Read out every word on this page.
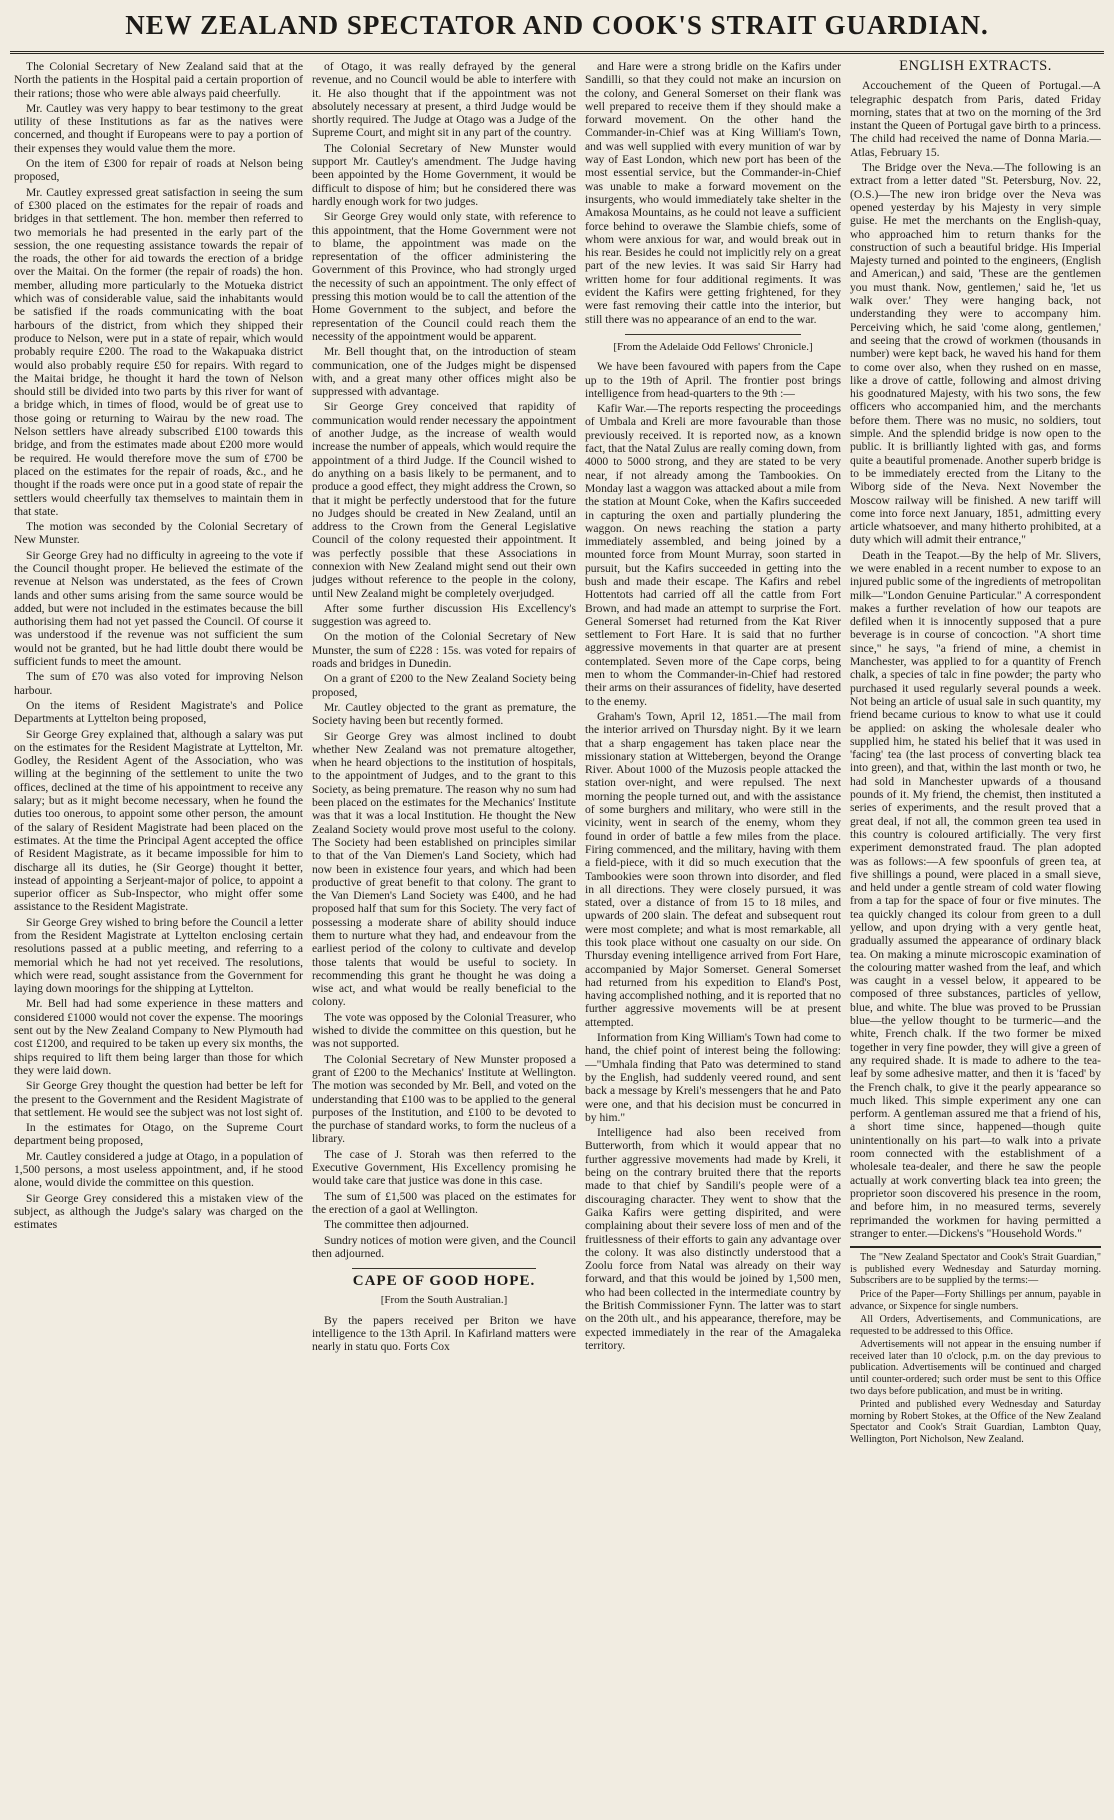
NEW ZEALAND SPECTATOR AND COOK'S STRAIT GUARDIAN.

The Colonial Secretary of New Zealand said that at the North the patients in the Hospital paid a certain proportion of their rations; those who were able always paid cheerfully.

Mr. Cautley was very happy to bear testimony to the great utility of these Institutions as far as the natives were concerned, and thought if Europeans were to pay a portion of their expenses they would value them the more.

On the item of £300 for repair of roads at Nelson being proposed,

Mr. Cautley expressed great satisfaction in seeing the sum of £300 placed on the estimates for the repair of roads and bridges in that settlement. The hon. member then referred to two memorials he had presented in the early part of the session, the one requesting assistance towards the repair of the roads, the other for aid towards the erection of a bridge over the Maitai. On the former (the repair of roads) the hon. member, alluding more particularly to the Motueka district which was of considerable value, said the inhabitants would be satisfied if the roads communicating with the boat harbours of the district, from which they shipped their produce to Nelson, were put in a state of repair, which would probably require £200. The road to the Wakapuaka district would also probably require £50 for repairs. With regard to the Maitai bridge, he thought it hard the town of Nelson should still be divided into two parts by this river for want of a bridge which, in times of flood, would be of great use to those going or returning to Wairau by the new road. The Nelson settlers have already subscribed £100 towards this bridge, and from the estimates made about £200 more would be required. He would therefore move the sum of £700 be placed on the estimates for the repair of roads, &c., and he thought if the roads were once put in a good state of repair the settlers would cheerfully tax themselves to maintain them in that state.

The motion was seconded by the Colonial Secretary of New Munster.

Sir George Grey had no difficulty in agreeing to the vote if the Council thought proper. He believed the estimate of the revenue at Nelson was understated, as the fees of Crown lands and other sums arising from the same source would be added, but were not included in the estimates because the bill authorising them had not yet passed the Council. Of course it was understood if the revenue was not sufficient the sum would not be granted, but he had little doubt there would be sufficient funds to meet the amount.

The sum of £70 was also voted for improving Nelson harbour.

On the items of Resident Magistrate's and Police Departments at Lyttelton being proposed,

Sir George Grey explained that, although a salary was put on the estimates for the Resident Magistrate at Lyttelton, Mr. Godley, the Resident Agent of the Association, who was willing at the beginning of the settlement to unite the two offices, declined at the time of his appointment to receive any salary; but as it might become necessary, when he found the duties too onerous, to appoint some other person, the amount of the salary of Resident Magistrate had been placed on the estimates. At the time the Principal Agent accepted the office of Resident Magistrate, as it became impossible for him to discharge all its duties, he (Sir George) thought it better, instead of appointing a Serjeant-major of police, to appoint a superior officer as Sub-Inspector, who might offer some assistance to the Resident Magistrate.

Sir George Grey wished to bring before the Council a letter from the Resident Magistrate at Lyttelton enclosing certain resolutions passed at a public meeting, and referring to a memorial which he had not yet received. The resolutions, which were read, sought assistance from the Government for laying down moorings for the shipping at Lyttelton.

Mr. Bell had had some experience in these matters and considered £1000 would not cover the expense. The moorings sent out by the New Zealand Company to New Plymouth had cost £1200, and required to be taken up every six months, the ships required to lift them being larger than those for which they were laid down.

Sir George Grey thought the question had better be left for the present to the Government and the Resident Magistrate of that settlement. He would see the subject was not lost sight of.

In the estimates for Otago, on the Supreme Court department being proposed,

Mr. Cautley considered a judge at Otago, in a population of 1,500 persons, a most useless appointment, and, if he stood alone, would divide the committee on this question.

Sir George Grey considered this a mistaken view of the subject, as although the Judge's salary was charged on the estimates

of Otago, it was really defrayed by the general revenue, and no Council would be able to interfere with it. He also thought that if the appointment was not absolutely necessary at present, a third Judge would be shortly required. The Judge at Otago was a Judge of the Supreme Court, and might sit in any part of the country.

The Colonial Secretary of New Munster would support Mr. Cautley's amendment. The Judge having been appointed by the Home Government, it would be difficult to dispose of him; but he considered there was hardly enough work for two judges.

Sir George Grey would only state, with reference to this appointment, that the Home Government were not to blame, the appointment was made on the representation of the officer administering the Government of this Province, who had strongly urged the necessity of such an appointment. The only effect of pressing this motion would be to call the attention of the Home Government to the subject, and before the representation of the Council could reach them the necessity of the appointment would be apparent.

Mr. Bell thought that, on the introduction of steam communication, one of the Judges might be dispensed with, and a great many other offices might also be suppressed with advantage.

Sir George Grey conceived that rapidity of communication would render necessary the appointment of another Judge, as the increase of wealth would increase the number of appeals, which would require the appointment of a third Judge. If the Council wished to do anything on a basis likely to be permanent, and to produce a good effect, they might address the Crown, so that it might be perfectly understood that for the future no Judges should be created in New Zealand, until an address to the Crown from the General Legislative Council of the colony requested their appointment. It was perfectly possible that these Associations in connexion with New Zealand might send out their own judges without reference to the people in the colony, until New Zealand might be completely overjudged.

After some further discussion His Excellency's suggestion was agreed to.

On the motion of the Colonial Secretary of New Munster, the sum of £228 : 15s. was voted for repairs of roads and bridges in Dunedin.

On a grant of £200 to the New Zealand Society being proposed,

Mr. Cautley objected to the grant as premature, the Society having been but recently formed.

Sir George Grey was almost inclined to doubt whether New Zealand was not premature altogether, when he heard objections to the institution of hospitals, to the appointment of Judges, and to the grant to this Society, as being premature. The reason why no sum had been placed on the estimates for the Mechanics' Institute was that it was a local Institution. He thought the New Zealand Society would prove most useful to the colony. The Society had been established on principles similar to that of the Van Diemen's Land Society, which had now been in existence four years, and which had been productive of great benefit to that colony. The grant to the Van Diemen's Land Society was £400, and he had proposed half that sum for this Society. The very fact of possessing a moderate share of ability should induce them to nurture what they had, and endeavour from the earliest period of the colony to cultivate and develop those talents that would be useful to society. In recommending this grant he thought he was doing a wise act, and what would be really beneficial to the colony.

The vote was opposed by the Colonial Treasurer, who wished to divide the committee on this question, but he was not supported.

The Colonial Secretary of New Munster proposed a grant of £200 to the Mechanics' Institute at Wellington. The motion was seconded by Mr. Bell, and voted on the understanding that £100 was to be applied to the general purposes of the Institution, and £100 to be devoted to the purchase of standard works, to form the nucleus of a library.

The case of J. Storah was then referred to the Executive Government, His Excellency promising he would take care that justice was done in this case.

The sum of £1,500 was placed on the estimates for the erection of a gaol at Wellington.

The committee then adjourned.

Sundry notices of motion were given, and the Council then adjourned.

CAPE OF GOOD HOPE.

[From the South Australian.]

By the papers received per Briton we have intelligence to the 13th April. In Kafirland matters were nearly in statu quo. Forts Cox

and Hare were a strong bridle on the Kafirs under Sandilli, so that they could not make an incursion on the colony, and General Somerset on their flank was well prepared to receive them if they should make a forward movement. On the other hand the Commander-in-Chief was at King William's Town, and was well supplied with every munition of war by way of East London, which new port has been of the most essential service, but the Commander-in-Chief was unable to make a forward movement on the insurgents, who would immediately take shelter in the Amakosa Mountains, as he could not leave a sufficient force behind to overawe the Slambie chiefs, some of whom were anxious for war, and would break out in his rear. Besides he could not implicitly rely on a great part of the new levies. It was said Sir Harry had written home for four additional regiments. It was evident the Kafirs were getting frightened, for they were fast removing their cattle into the interior, but still there was no appearance of an end to the war.

[From the Adelaide Odd Fellows' Chronicle.]

We have been favoured with papers from the Cape up to the 19th of April. The frontier post brings intelligence from head-quarters to the 9th :—

Kafir War.—The reports respecting the proceedings of Umbala and Kreli are more favourable than those previously received. It is reported now, as a known fact, that the Natal Zulus are really coming down, from 4000 to 5000 strong, and they are stated to be very near, if not already among the Tambookies. On Monday last a waggon was attacked about a mile from the station at Mount Coke, when the Kafirs succeeded in capturing the oxen and partially plundering the waggon. On news reaching the station a party immediately assembled, and being joined by a mounted force from Mount Murray, soon started in pursuit, but the Kafirs succeeded in getting into the bush and made their escape. The Kafirs and rebel Hottentots had carried off all the cattle from Fort Brown, and had made an attempt to surprise the Fort. General Somerset had returned from the Kat River settlement to Fort Hare. It is said that no further aggressive movements in that quarter are at present contemplated. Seven more of the Cape corps, being men to whom the Commander-in-Chief had restored their arms on their assurances of fidelity, have deserted to the enemy.

Graham's Town, April 12, 1851.—The mail from the interior arrived on Thursday night. By it we learn that a sharp engagement has taken place near the missionary station at Wittebergen, beyond the Orange River. About 1000 of the Muzosis people attacked the station over-night, and were repulsed. The next morning the people turned out, and with the assistance of some burghers and military, who were still in the vicinity, went in search of the enemy, whom they found in order of battle a few miles from the place. Firing commenced, and the military, having with them a field-piece, with it did so much execution that the Tambookies were soon thrown into disorder, and fled in all directions. They were closely pursued, it was stated, over a distance of from 15 to 18 miles, and upwards of 200 slain. The defeat and subsequent rout were most complete; and what is most remarkable, all this took place without one casualty on our side. On Thursday evening intelligence arrived from Fort Hare, accompanied by Major Somerset. General Somerset had returned from his expedition to Eland's Post, having accomplished nothing, and it is reported that no further aggressive movements will be at present attempted.

Information from King William's Town had come to hand, the chief point of interest being the following:—"Umhala finding that Pato was determined to stand by the English, had suddenly veered round, and sent back a message by Kreli's messengers that he and Pato were one, and that his decision must be concurred in by him."

Intelligence had also been received from Butterworth, from which it would appear that no further aggressive movements had made by Kreli, it being on the contrary bruited there that the reports made to that chief by Sandili's people were of a discouraging character. They went to show that the Gaika Kafirs were getting dispirited, and were complaining about their severe loss of men and of the fruitlessness of their efforts to gain any advantage over the colony. It was also distinctly understood that a Zoolu force from Natal was already on their way forward, and that this would be joined by 1,500 men, who had been collected in the intermediate country by the British Commissioner Fynn. The latter was to start on the 20th ult., and his appearance, therefore, may be expected immediately in the rear of the Amagaleka territory.

ENGLISH EXTRACTS.

Accouchement of the Queen of Portugal.—A telegraphic despatch from Paris, dated Friday morning, states that at two on the morning of the 3rd instant the Queen of Portugal gave birth to a princess. The child had received the name of Donna Maria.—Atlas, February 15.

The Bridge over the Neva.—The following is an extract from a letter dated "St. Petersburg, Nov. 22, (O.S.)—The new iron bridge over the Neva was opened yesterday by his Majesty in very simple guise. He met the merchants on the English-quay, who approached him to return thanks for the construction of such a beautiful bridge. His Imperial Majesty turned and pointed to the engineers, (English and American,) and said, 'These are the gentlemen you must thank. Now, gentlemen,' said he, 'let us walk over.' They were hanging back, not understanding they were to accompany him. Perceiving which, he said 'come along, gentlemen,' and seeing that the crowd of workmen (thousands in number) were kept back, he waved his hand for them to come over also, when they rushed on en masse, like a drove of cattle, following and almost driving his goodnatured Majesty, with his two sons, the few officers who accompanied him, and the merchants before them. There was no music, no soldiers, tout simple. And the splendid bridge is now open to the public. It is brilliantly lighted with gas, and forms quite a beautiful promenade. Another superb bridge is to be immediately erected from the Litany to the Wiborg side of the Neva. Next November the Moscow railway will be finished. A new tariff will come into force next January, 1851, admitting every article whatsoever, and many hitherto prohibited, at a duty which will admit their entrance,"

Death in the Teapot.—By the help of Mr. Slivers, we were enabled in a recent number to expose to an injured public some of the ingredients of metropolitan milk—"London Genuine Particular." A correspondent makes a further revelation of how our teapots are defiled when it is innocently supposed that a pure beverage is in course of concoction. "A short time since," he says, "a friend of mine, a chemist in Manchester, was applied to for a quantity of French chalk, a species of talc in fine powder; the party who purchased it used regularly several pounds a week. Not being an article of usual sale in such quantity, my friend became curious to know to what use it could be applied: on asking the wholesale dealer who supplied him, he stated his belief that it was used in 'facing' tea (the last process of converting black tea into green), and that, within the last month or two, he had sold in Manchester upwards of a thousand pounds of it. My friend, the chemist, then instituted a series of experiments, and the result proved that a great deal, if not all, the common green tea used in this country is coloured artificially. The very first experiment demonstrated fraud. The plan adopted was as follows:—A few spoonfuls of green tea, at five shillings a pound, were placed in a small sieve, and held under a gentle stream of cold water flowing from a tap for the space of four or five minutes. The tea quickly changed its colour from green to a dull yellow, and upon drying with a very gentle heat, gradually assumed the appearance of ordinary black tea. On making a minute microscopic examination of the colouring matter washed from the leaf, and which was caught in a vessel below, it appeared to be composed of three substances, particles of yellow, blue, and white. The blue was proved to be Prussian blue—the yellow thought to be turmeric—and the white, French chalk. If the two former be mixed together in very fine powder, they will give a green of any required shade. It is made to adhere to the tea-leaf by some adhesive matter, and then it is 'faced' by the French chalk, to give it the pearly appearance so much liked. This simple experiment any one can perform. A gentleman assured me that a friend of his, a short time since, happened—though quite unintentionally on his part—to walk into a private room connected with the establishment of a wholesale tea-dealer, and there he saw the people actually at work converting black tea into green; the proprietor soon discovered his presence in the room, and before him, in no measured terms, severely reprimanded the workmen for having permitted a stranger to enter.—Dickens's "Household Words."

The "New Zealand Spectator and Cook's Strait Guardian," is published every Wednesday and Saturday morning. Subscribers are to be supplied by the terms:—

Price of the Paper—Forty Shillings per annum, payable in advance, or Sixpence for single numbers.

All Orders, Advertisements, and Communications, are requested to be addressed to this Office.

Advertisements will not appear in the ensuing number if received later than 10 o'clock, p.m. on the day previous to publication. Advertisements will be continued and charged until counter-ordered; such order must be sent to this Office two days before publication, and must be in writing.

Printed and published every Wednesday and Saturday morning by Robert Stokes, at the Office of the New Zealand Spectator and Cook's Strait Guardian, Lambton Quay, Wellington, Port Nicholson, New Zealand.
